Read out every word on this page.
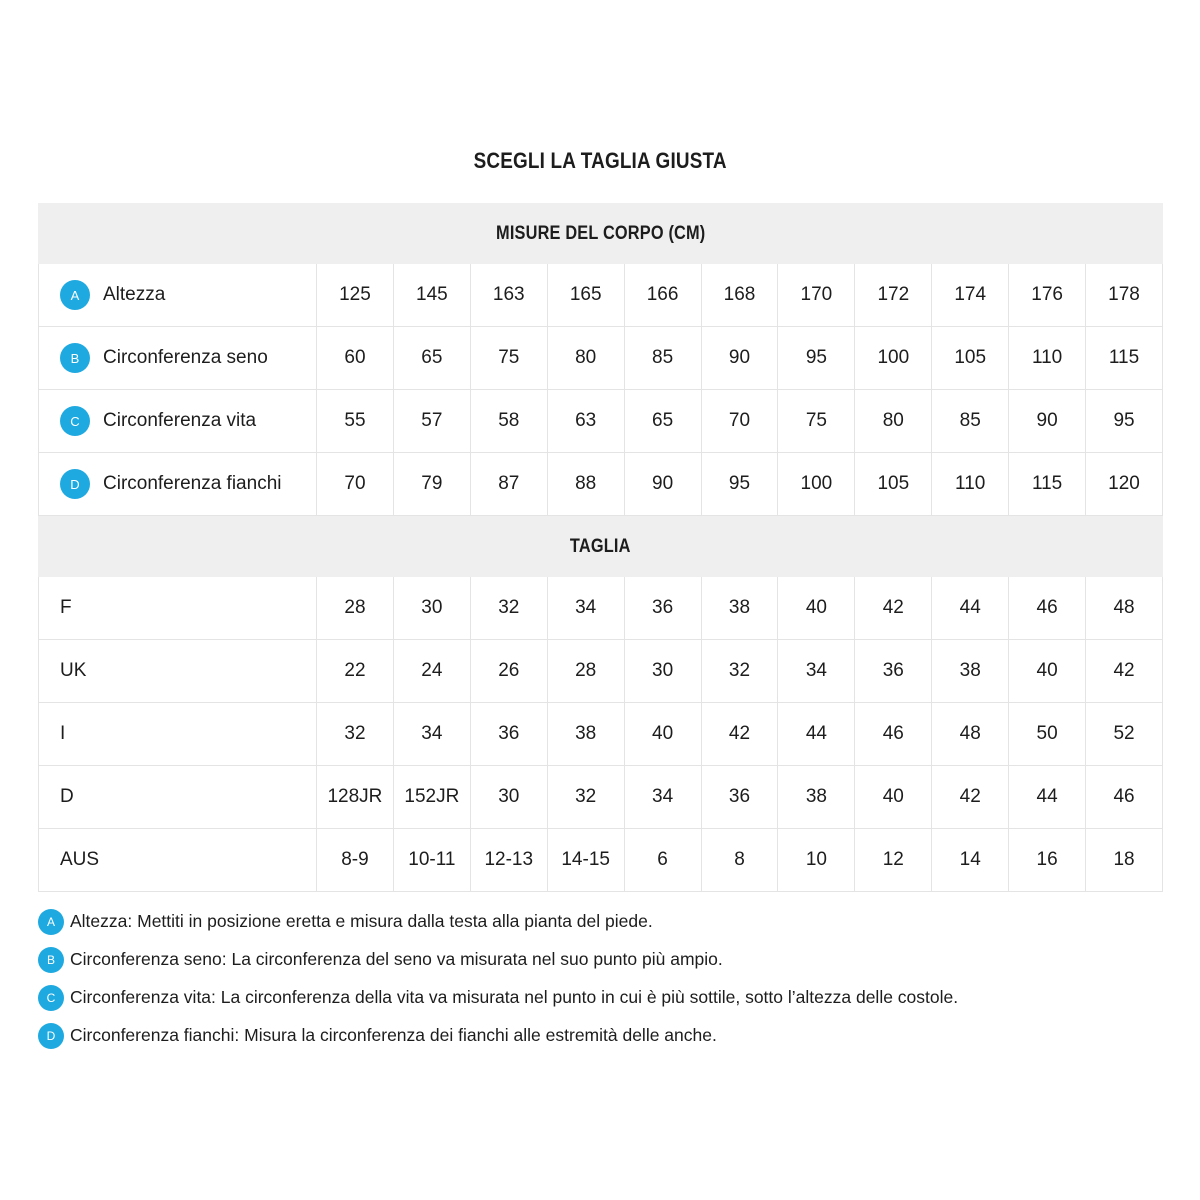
SCEGLI LA TAGLIA GIUSTA
MISURE DEL CORPO (CM)
A	Altezza	125	145	163	165	166	168	170	172	174	176	178
B	Circonferenza seno	60	65	75	80	85	90	95	100	105	110	115
C	Circonferenza vita	55	57	58	63	65	70	75	80	85	90	95
D	Circonferenza fianchi	70	79	87	88	90	95	100	105	110	115	120
TAGLIA
F	28	30	32	34	36	38	40	42	44	46	48
UK	22	24	26	28	30	32	34	36	38	40	42
I	32	34	36	38	40	42	44	46	48	50	52
D	128JR	152JR	30	32	34	36	38	40	42	44	46
AUS	8-9	10-11	12-13	14-15	6	8	10	12	14	16	18
A Altezza: Mettiti in posizione eretta e misura dalla testa alla pianta del piede.
B Circonferenza seno: La circonferenza del seno va misurata nel suo punto più ampio.
C Circonferenza vita: La circonferenza della vita va misurata nel punto in cui è più sottile, sotto l’altezza delle costole.
D Circonferenza fianchi: Misura la circonferenza dei fianchi alle estremità delle anche.
